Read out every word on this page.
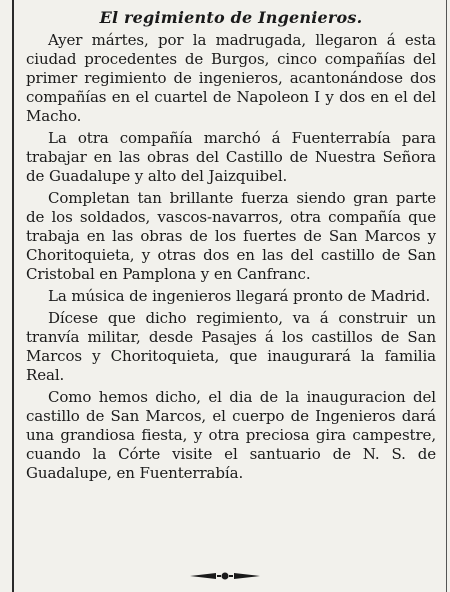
El regimiento de Ingenieros.

Ayer mártes, por la madrugada, llegaron á esta ciudad procedentes de Burgos, cinco compañías del primer regimiento de ingenieros, acantonándose dos compañías en el cuartel de Napoleon I y dos en el del Macho.

La otra compañía marchó á Fuenterrabía para trabajar en las obras del Castillo de Nuestra Señora de Guadalupe y alto del Jaizquibel.

Completan tan brillante fuerza siendo gran parte de los soldados, vascos-navarros, otra compañía que trabaja en las obras de los fuertes de San Marcos y Choritoquieta, y otras dos en las del castillo de San Cristobal en Pamplona y en Canfranc.

La música de ingenieros llegará pronto de Madrid.

Dícese que dicho regimiento, va á construir un tranvía militar, desde Pasajes á los castillos de San Marcos y Choritoquieta, que inaugurará la familia Real.

Como hemos dicho, el dia de la inauguracion del castillo de San Marcos, el cuerpo de Ingenieros dará una grandiosa fiesta, y otra preciosa gira campestre, cuando la Córte visite el santuario de N. S. de Guadalupe, en Fuenterrabía.
